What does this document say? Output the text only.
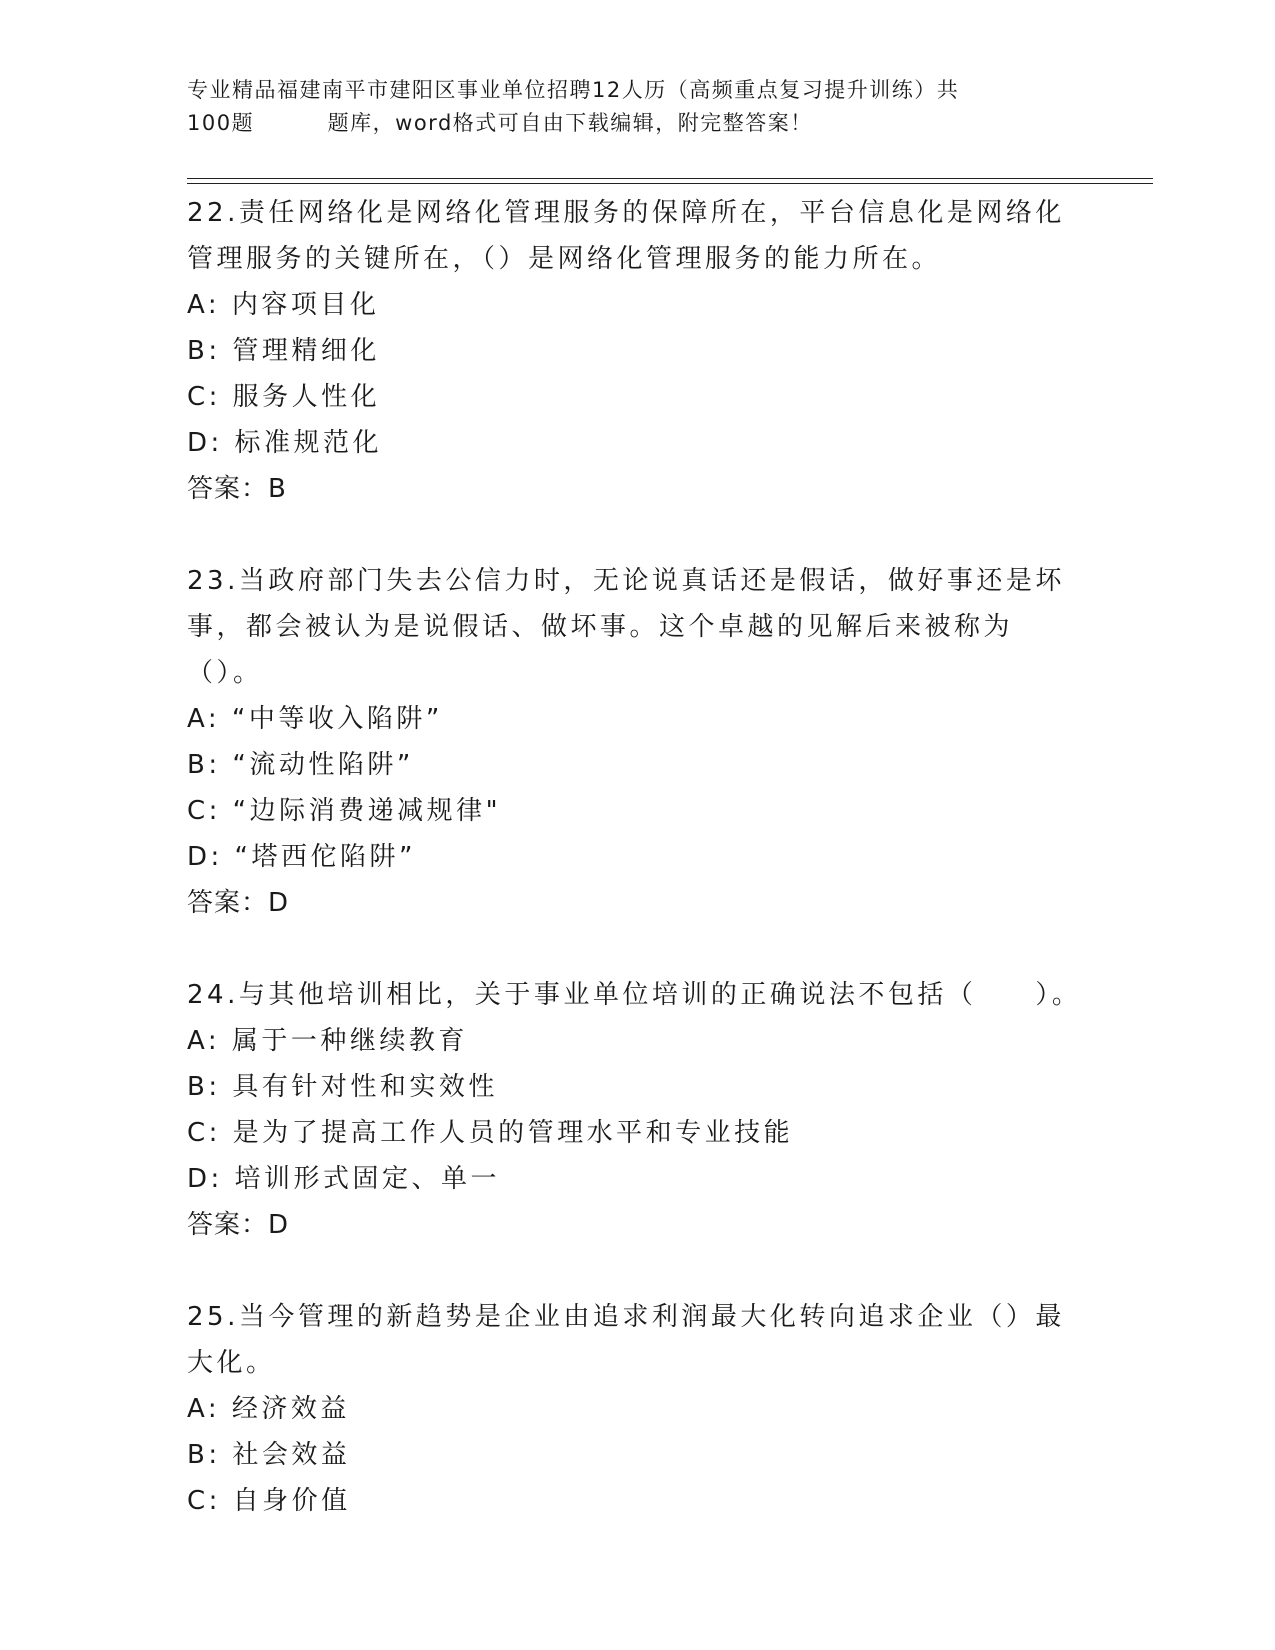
专业精品福建南平市建阳区事业单位招聘12人历（高频重点复习提升训练）共
100题         题库，word格式可自由下载编辑，附完整答案！
22.责任网络化是网络化管理服务的保障所在，平台信息化是网络化管理服务的关键所在，（）是网络化管理服务的能力所在。
A: 内容项目化
B: 管理精细化
C: 服务人性化
D: 标准规范化
答案：B
23.当政府部门失去公信力时，无论说真话还是假话，做好事还是坏事，都会被认为是说假话、做坏事。这个卓越的见解后来被称为（）。
A: “中等收入陷阱”
B: “流动性陷阱”
C: “边际消费递减规律"
D: “塔西佗陷阱”
答案：D
24.与其他培训相比，关于事业单位培训的正确说法不包括（　　）。
A: 属于一种继续教育
B: 具有针对性和实效性
C: 是为了提高工作人员的管理水平和专业技能
D: 培训形式固定、单一
答案：D
25.当今管理的新趋势是企业由追求利润最大化转向追求企业（）最大化。
A: 经济效益
B: 社会效益
C: 自身价值
